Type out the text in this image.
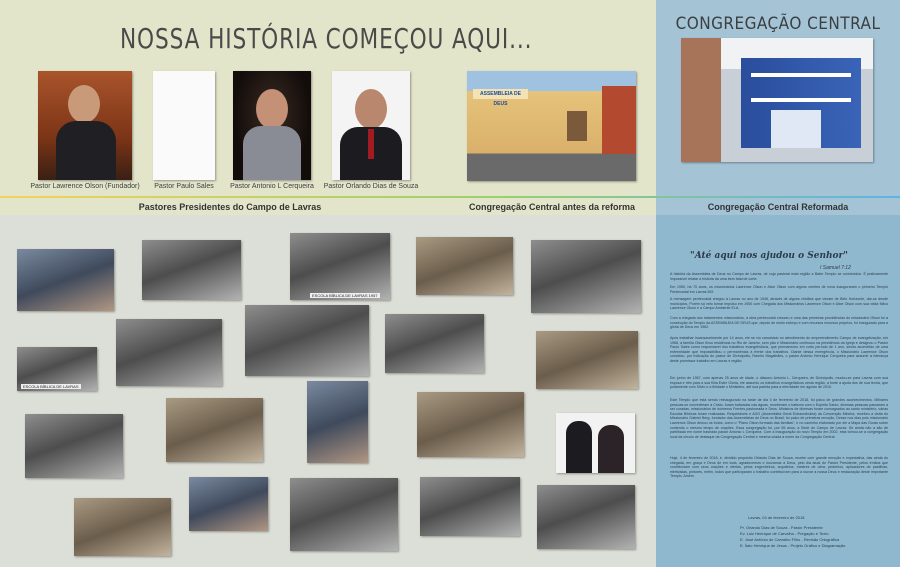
NOSSA HISTÓRIA COMEÇOU AQUI...	CONGREGAÇÃO CENTRAL
Pastor Lawrence Olson (Fundador)	Pastor Paulo Sales	Pastor Antonio L Cerqueira	Pastor Orlando Dias de Souza
ASSEMBLEIA DE DEUS
Pastores Presidentes do Campo de Lavras	Congregação Central antes da reforma	Congregação Central Reformada
ESCOLA BÍBLICA DE LAVRAS 1957
ESCOLA BÍBLICA DE LAVRAS
"Até aqui nos ajudou o Senhor"
I Samuel 7:12
A história da Assembleia de Deus no Campo de Lavras, de cuja pastoral mais região a Bater Templo se conhecidos. É praticamente impossível relatar a história da uma bem fatal de corte.
Em 1950, há 70 anos, os missionários Lawrence Olson e Alice Olson com alguns crentes de nova inauguraram o primeiro Templo Pentecostal em Lavras MG.
A mensagem pentecostal chegou à Lavras no ano de 1946, através de alguns cristãos que vieram de Belo Horizonte, dar-se desde municípios. Porém só veio tomar impulso em 1950 com Chegada dos Missionários Lawrence Olson e Alice Olson com sua visita fôlico Lawrence Olson e a Campo Ambiente ELA.
Com a chegada dos tratamentos missionários, a obra pentecostal cresceu e uma das primeiras providências do missionário Olson foi a construção do Templo da ASSEMBLEIA DE DEUS que, depois de muito esforço e com recursos recursos próprios, foi inaugurado para a glória de Deus em 1962.
Após trabalhar incansavelmente por 14 anos, ele se viu cancelado no atendimento do empreendimento Campo de evangelização, em 1966, a família Olson fixou residência no Rio de Janeiro, sem pão e Missionário continuou na presidência da Igreja e designou o Pastor Paulo Sales como responsável dos trabalhos evangelísticos, que permaneceu em curto período de 1 ano, sendo acometido de uma enfermidade que impossibilitou o permanência à frente dos trabalhos. Diante dessa emergência, o Missionário Lawrence Olson convidou, por indicação do pastor de Divinópolis, Ramiro Magalhães, o pastor Antonio Henrique Cerqueira para assumir a liderança deste promissor trabalho em Lavras e região.
Em junho de 1967, com apenas 25 anos de idade, o diácono Antonio L. Cerqueira, de Divinópolis, mudou-se para Lavras com sua esposa e três para a sua filha Ester Glória, ele assumiu os trabalhos evangelísticos nesta região, a fonte a ajuda dos de sua teoria, que juntamente com Sílvio e a fieldade o Ministério, até sua partida para a eternidade em agosto de 2015.
Este Templo que está sendo reinaugurado na tarde de dia 4 de fevereiro de 2018, foi palco de grandes acontecimentos. Milhares pessoas se converteram a Cristo, foram batizadas nas águas, receberam o batismo com o Espírito Santo, diversas pessoas passaram a ser curadas, missionários de inúmeros Frentes pastoreada e Deus. Ministros de diversas foram consagrados ao santo ministério, várias Escolas Bíblicas foram realizadas. Respeitáveis e AGO (Assembleia Geral Extraordinária) da Convenção Mineira, recebeu a visita do Missionário Gabriel Berg, fundador das Assembleias de Deus no Brasil, foi palco de primeiras emoção, Desse nos dias pois missionário Lawrence Olson deixou os frutos, como o "Plano Olson formado das famílias", e no caminho elaborado por ele a Mapa das Guras sobre contendo o mesmo tempo de orações. Essa congregação foi, por 65 anos, a Sede do Campo de Lavras. Se ainda não a são de partilhada em nome baseado pastor Antonio L Cerqueira. Com a inauguração do novo Templo em 2002, esta tornou-se a congregação local da circulo de destaque da Congregação Central e mesma criada a nome da Congregação Central.
Hoje, 4 de fevereiro de 2018, é, dividido propósito Orlando Dias de Souza, recebe com grande emoção e expectativa, das ainda do chegada, em graça e Deus de em toda, agradecemos e louvamos a Deus, pelo dia atual do Pastor Presidente, pelos irmãos que contribuíram com seus orações e ofertas, pelos engenheiros, arquitetos, mestres de obra, pedreiros, aplicadores de pastilhas, eletricistas, pintores, enfim, todos que participaram o trabalho contribuíram para a louvar a nossa Deus e restauração deste importante Templo. Amém.
Lavras, 04 de fevereiro de 2018
Pr. Orlando Dias de Souza - Pastor Presidente
Ev. Luiz Henrique de Carvalho - Pregação e Texto
E. José Antônio de Carvalho Filho - Revisão Ortográfica
E. Ítalo Henrique de Jesus - Projeto Gráfico e Diagramação
